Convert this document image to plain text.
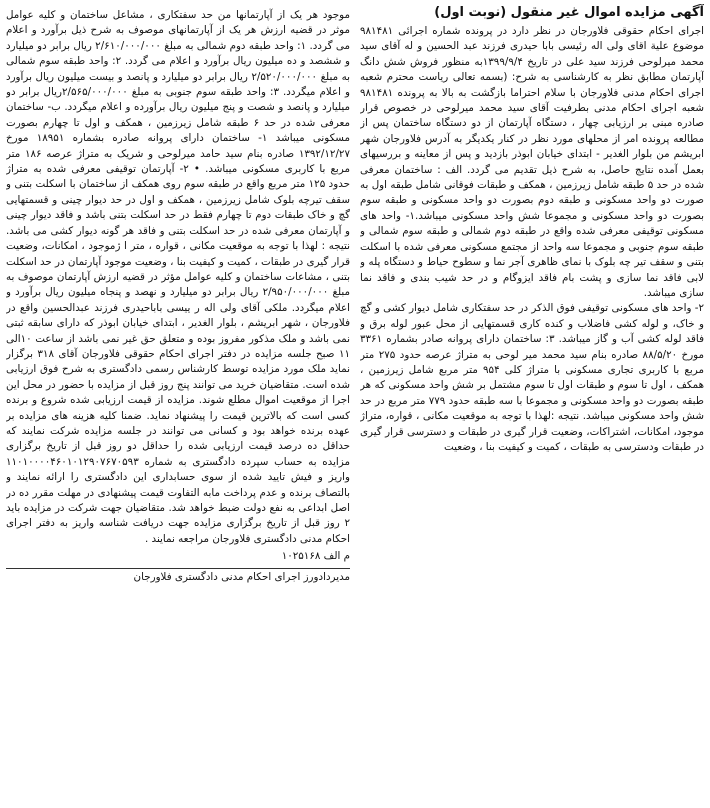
آگهی مزایده اموال غیر منقول (نوبت اول)

اجرای احکام حقوقی فلاورجان در نظر دارد در پرونده شماره اجرائی ۹۸۱۴۸۱ موضوع علیة اقای ولی اله رئیسی بابا حیدری فرزند عبد الحسین و له آقای سید محمد میرلوحی فرزند سید علی در تاریخ ۱۳۹۹/۹/۴به منظور فروش شش دانگ آپارتمان مطابق نظر به کارشناسی به شرح: (بسمه تعالی ریاست محترم شعبه اجرای احکام مدنی فلاورجان با سلام احتراما بازگشت به بالا به پرونده ۹۸۱۴۸۱ شعبه اجرای احکام مدنی بطرفیت آقای سید محمد میرلوحی در خصوص قرار صادره مبنی بر ارزیابی چهار ، دستگاه آپارتمان از دو دستگاه ساختمان پس از مطالعه پرونده امر از محلهای مورد نظر در کنار یکدیگر به آدرس فلاورجان شهر ابریشم من بلوار الغدیر - ابتدای خیابان ابوذر بازدید و پس از معاینه و بررسیهای بعمل آمده نتایج حاصل، به شرح ذیل تقدیم می گردد. الف : ساختمان معرفی شده در حد ۵ طبقه شامل زیرزمین ، همکف و طبقات فوقانی شامل طبقه اول به صورت دو واحد مسکونی و طبقه دوم بصورت دو واحد مسکونی و طبقه سوم بصورت دو واحد مسکونی و مجموعا شش واحد مسکونی میباشد.۱- واحد های مسکونی توقیفی معرفی شده واقع در طبقه دوم شمالی و طبقه سوم شمالی و طبقه سوم جنوبی و مجموعا سه واحد از مجتمع مسکونی معرفی شده با اسکلت بتنی و سقف تیر چه بلوک با نمای ظاهری آجر نما و سطوح حیاط و دستگاه پله و لابی فاقد نما سازی و پشت بام فاقد ایزوگام و در حد شیب بندی و فاقد نما سازی میباشد.

۲- واحد های مسکونی توقیفی فوق الذکر در حد سفتکاری شامل دیوار کشی و گچ و خاک، و لوله کشی فاضلاب و کنده کاری قسمتهایی از محل عبور لوله برق و فاقد لوله کشی آب و گاز میباشد. ۳: ساختمان دارای پروانه صادر بشماره ۳۳۶۱ مورخ ۸۸/۵/۲۰ صادره بنام سید محمد میر لوحی به متراژ عرصه حدود ۲۷۵ متر مربع با کاربری تجاری مسکونی با متراژ کلی ۹۵۴ متر مربع شامل زیرزمین ، همکف ، اول تا سوم و طبقات اول تا سوم مشتمل بر شش واحد مسکونی که هر طبقه بصورت دو واحد مسکونی و مجموعا با سه طبقه حدود ۷۷۹ متر مربع در حد شش واحد مسکونی میباشد. نتیجه :لهذا با توجه به موقعیت مکانی ، قواره، متراژ موجود، امکانات، اشتراکات، وضعیت قرار گیری در طبقات و دسترسی قرار گیری در طبقات ودسترسی به طبقات ، کمیت و کیفیت بنا ، وضعیت

موجود هر یک از آپارتمانها من حد سفتکاری ، مشاعل ساختمان و کلیه عوامل موثر در قضیه ارزش هر یک از آپارتمانهای موصوف به شرح ذیل برآورد و اعلام می گردد. ۱: واحد طبقه دوم شمالی به مبلغ ۲/۶۱۰/۰۰۰/۰۰۰ ریال برابر دو میلیارد و ششصد و ده میلیون ریال برآورد و اعلام می گردد. ۲: واحد طبقه سوم شمالی به مبلغ ۲/۵۲۰/۰۰۰/۰۰۰ ریال برابر دو میلیارد و پانصد و بیست میلیون ریال برآورد و اعلام میگردد. ۳: واحد طبقه سوم جنوبی به مبلغ ۲/۵۶۵/۰۰۰/۰۰۰ریال برابر دو میلیارد و پانصد و شصت و پنج میلیون ریال برآورده و اعلام میگردد. ب- ساختمان معرفی شده در حد ۶ طبقه شامل زیرزمین ، همکف و اول تا چهارم بصورت مسکونی میباشد ۱- ساختمان دارای پروانه صادره بشماره ۱۸۹۵۱ مورخ ۱۳۹۲/۱۲/۲۷ صادره بنام سید حامد میرلوحی و شریک به متراژ عرصه ۱۸۶ متر مربع با کاربری مسکونی میباشد. • ۲- آپارتمان توقیفی معرفی شده به متراژ حدود ۱۲۵ متر مربع واقع در طبقه سوم روی همکف از ساختمان با اسکلت بتنی و سقف تیرچه بلوک شامل زیرزمین ، همکف و اول در حد دیوار چینی و قسمتهایی گچ و خاک طبقات دوم تا چهارم فقط در حد اسکلت بتنی باشد و فاقد دیوار چینی و آپارتمان معرفی شده در حد اسکلت بتنی و فاقد هر گونه دیوار کشی می باشد. نتیجه : لهذا با توجه به موقعیت مکانی ، قواره ، متر ا ژموجود ، امکانات، وضعیت قرار گیری در طبقات ، کمیت و کیفیت بنا ، وضعیت موجود آپارتمان در حد اسکلت بتنی ، مشاعات ساختمان و کلیه عوامل مؤثر در قضیه ارزش آپارتمان موصوف به مبلغ ۲/۹۵۰/۰۰۰/۰۰۰ ریال برابر دو میلیارد و نهصد و پنجاه میلیون ریال برآورد و اعلام میگردد. ملکی آقای ولی اله ر ییسی باباحیدری فرزند عبدالحسین واقع در فلاورجان ، شهر ابریشم ، بلوار الغدیر ، ابتدای خیابان ابوذر که دارای سابقه ثبتی نمی باشد و ملک مذکور مفروز بوده و متعلق حق غیر نمی باشد از ساعت ۱۰الی ۱۱ صبح جلسه مزایده در دفتر اجرای احکام حقوقی فلاورجان آقای ۳۱۸ برگزار نماید ملک مورد مزایده توسط کارشناس رسمی دادگستری به شرح فوق ارزیابی شده است. متقاضیان خرید می توانند پنج روز قبل از مزایده با حضور در محل این اجرا از موقعیت اموال مطلع شوند. مزایده از قیمت ارزیابی شده شروع و برنده کسی است که بالاترین قیمت را پیشنهاد نماید. ضمنا کلیه هزینه های مزایده بر عهده برنده خواهد بود و کسانی می توانند در جلسه مزایده شرکت نمایند که حداقل ده درصد قیمت ارزیابی شده را حداقل دو روز قبل از تاریخ برگزاری مزایده به حساب سپرده دادگستری به شماره ۱۱۰۱۰۰۰۰۴۶۰۱۰۱۲۹۰۷۶۷۰۵۹۳ واریز و فیش تایید شده از سوی حسابداری این دادگستری را ارائه نمایند و بالتصاف برنده و عدم پرداخت مابه التفاوت قیمت پیشنهادی در مهلت مقرر ده در اصل ابداعی به نفع دولت ضبط خواهد شد. متقاضیان جهت شرکت در مزایده باید ۲ روز قبل از تاریخ برگزاری مزایده جهت دریافت شناسه واریز به دفتر اجرای احکام مدنی دادگستری فلاورجان مراجعه نمایند .

م الف ۱۰۲۵۱۶۸
مدیردادورز اجرای احکام مدنی دادگستری فلاورجان
